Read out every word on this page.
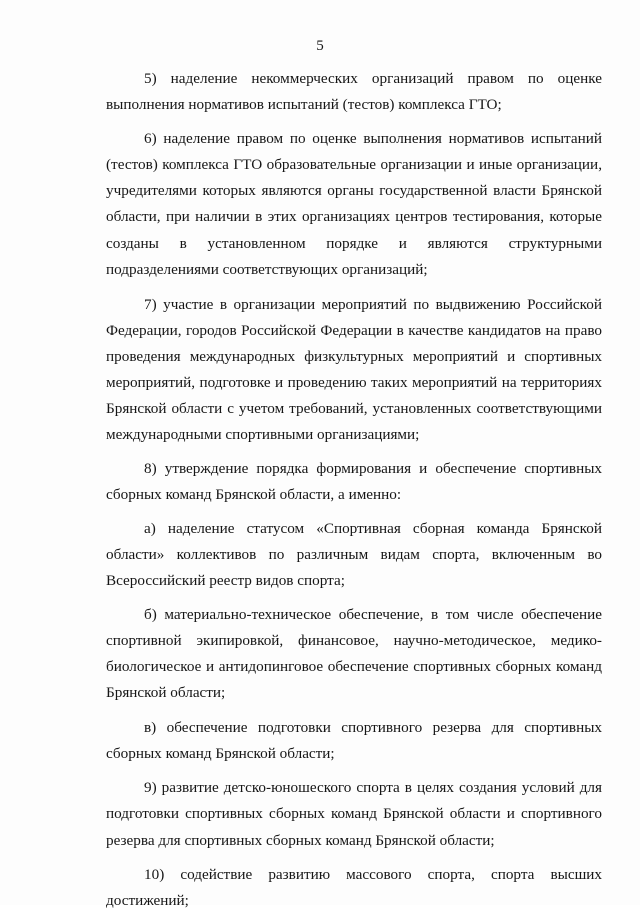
5

5) наделение некоммерческих организаций правом по оценке выполнения нормативов испытаний (тестов) комплекса ГТО;

6) наделение правом по оценке выполнения нормативов испытаний (тестов) комплекса ГТО образовательные организации и иные организации, учредителями которых являются органы государственной власти Брянской области, при наличии в этих организациях центров тестирования, которые созданы в установленном порядке и являются структурными подразделениями соответствующих организаций;

7) участие в организации мероприятий по выдвижению Российской Федерации, городов Российской Федерации в качестве кандидатов на право проведения международных физкультурных мероприятий и спортивных мероприятий, подготовке и проведению таких мероприятий на территориях Брянской области с учетом требований, установленных соответствующими международными спортивными организациями;

8) утверждение порядка формирования и обеспечение спортивных сборных команд Брянской области, а именно:

а) наделение статусом «Спортивная сборная команда Брянской области» коллективов по различным видам спорта, включенным во Всероссийский реестр видов спорта;

б) материально-техническое обеспечение, в том числе обеспечение спортивной экипировкой, финансовое, научно-методическое, медико-биологическое и антидопинговое обеспечение спортивных сборных команд Брянской области;

в) обеспечение подготовки спортивного резерва для спортивных сборных команд Брянской области;

9) развитие детско-юношеского спорта в целях создания условий для подготовки спортивных сборных команд Брянской области и спортивного резерва для спортивных сборных команд Брянской области;

10) содействие развитию массового спорта, спорта высших достижений;
